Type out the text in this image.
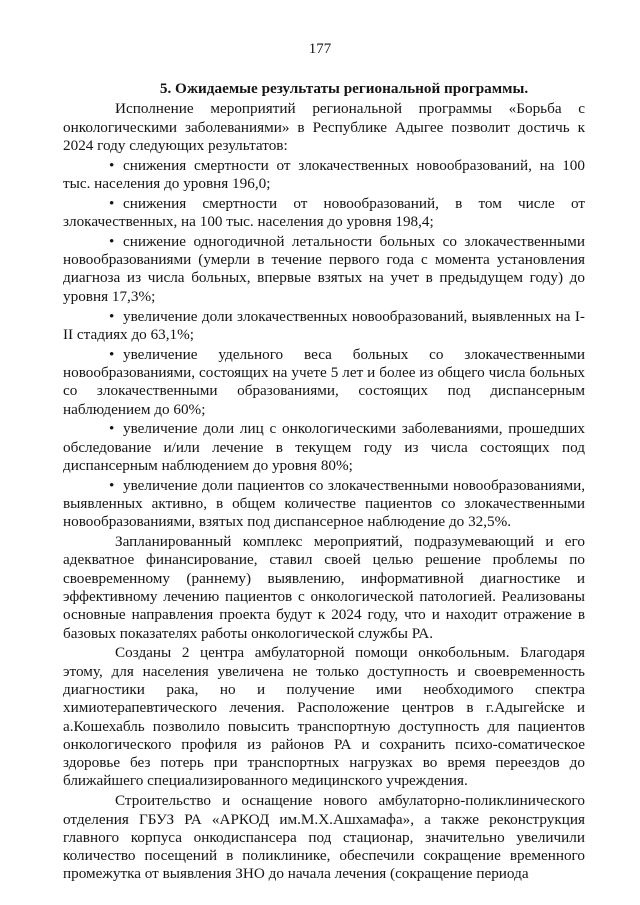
177

5. Ожидаемые результаты региональной программы.

Исполнение мероприятий региональной программы «Борьба с онкологическими заболеваниями» в Республике Адыгее позволит достичь к 2024 году следующих результатов:

• снижения смертности от злокачественных новообразований, на 100 тыс. населения до уровня 196,0;

• снижения смертности от новообразований, в том числе от злокачественных, на 100 тыс. населения до уровня 198,4;

• снижение одногодичной летальности больных со злокачественными новообразованиями (умерли в течение первого года с момента установления диагноза из числа больных, впервые взятых на учет в предыдущем году) до уровня 17,3%;

• увеличение доли злокачественных новообразований, выявленных на I-II стадиях до 63,1%;

• увеличение удельного веса больных со злокачественными новообразованиями, состоящих на учете 5 лет и более из общего числа больных со злокачественными образованиями, состоящих под диспансерным наблюдением до 60%;

• увеличение доли лиц с онкологическими заболеваниями, прошедших обследование и/или лечение в текущем году из числа состоящих под диспансерным наблюдением до уровня 80%;

• увеличение доли пациентов со злокачественными новообразованиями, выявленных активно, в общем количестве пациентов со злокачественными новообразованиями, взятых под диспансерное наблюдение до 32,5%.

Запланированный комплекс мероприятий, подразумевающий и его адекватное финансирование, ставил своей целью решение проблемы по своевременному (раннему) выявлению, информативной диагностике и эффективному лечению пациентов с онкологической патологией. Реализованы основные направления проекта будут к 2024 году, что и находит отражение в базовых показателях работы онкологической службы РА.

Созданы 2 центра амбулаторной помощи онкобольным. Благодаря этому, для населения увеличена не только доступность и своевременность диагностики рака, но и получение ими необходимого спектра химиотерапевтического лечения. Расположение центров в г.Адыгейске и а.Кошехабль позволило повысить транспортную доступность для пациентов онкологического профиля из районов РА и сохранить психо-соматическое здоровье без потерь при транспортных нагрузках во время переездов до ближайшего специализированного медицинского учреждения.

Строительство и оснащение нового амбулаторно-поликлинического отделения ГБУЗ РА «АРКОД им.М.Х.Ашхамафа», а также реконструкция главного корпуса онкодиспансера под стационар, значительно увеличили количество посещений в поликлинике, обеспечили сокращение временного промежутка от выявления ЗНО до начала лечения (сокращение периода
